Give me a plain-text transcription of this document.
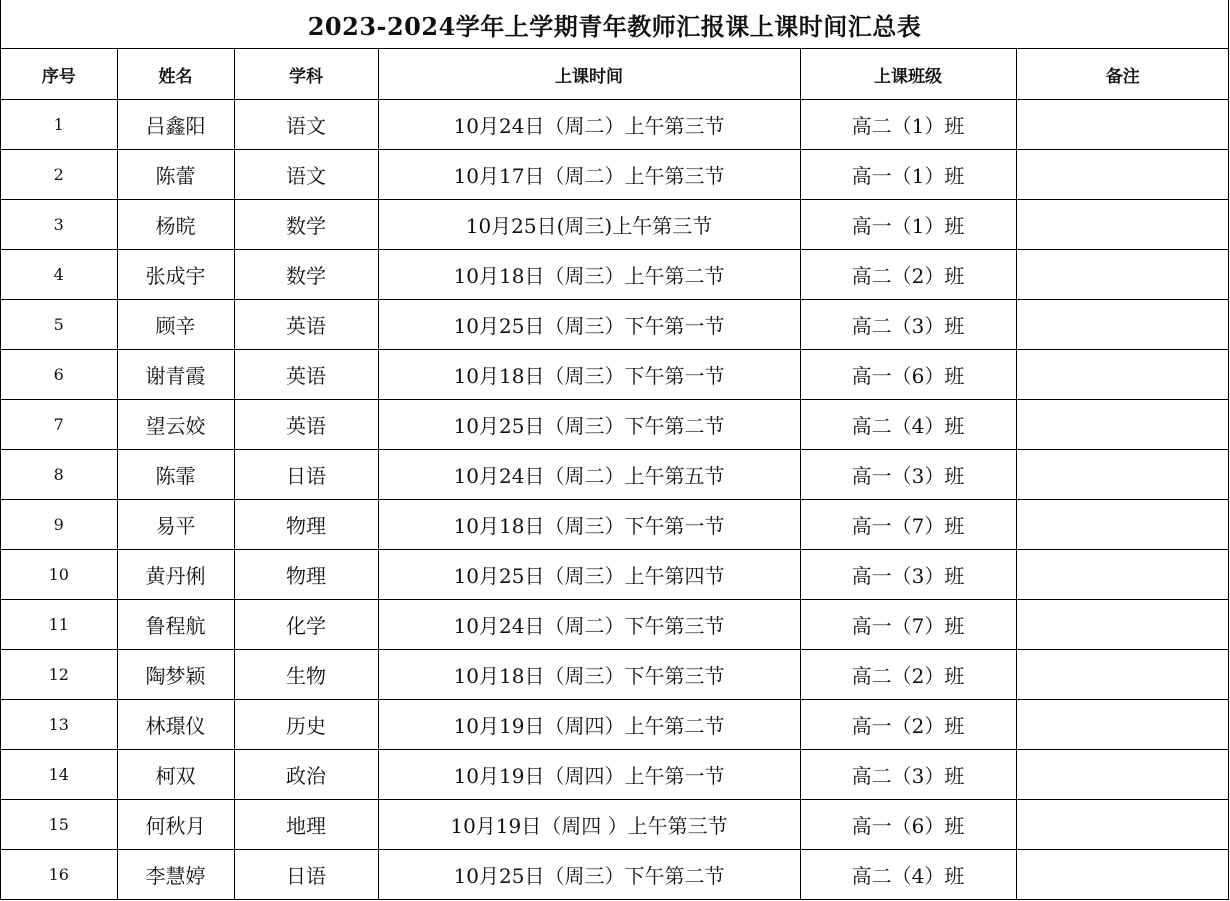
2023-2024学年上学期青年教师汇报课上课时间汇总表
序号	姓名	学科	上课时间	上课班级	备注
1	吕鑫阳	语文	10月24日（周二）上午第三节	高二（1）班	
2	陈蕾	语文	10月17日（周二）上午第三节	高一（1）班	
3	杨晥	数学	10月25日(周三)上午第三节	高一（1）班	
4	张成宇	数学	10月18日（周三）上午第二节	高二（2）班	
5	顾辛	英语	10月25日（周三）下午第一节	高二（3）班	
6	谢青霞	英语	10月18日（周三）下午第一节	高一（6）班	
7	望云姣	英语	10月25日（周三）下午第二节	高二（4）班	
8	陈霏	日语	10月24日（周二）上午第五节	高一（3）班	
9	易平	物理	10月18日（周三）下午第一节	高一（7）班	
10	黄丹俐	物理	10月25日（周三）上午第四节	高一（3）班	
11	鲁程航	化学	10月24日（周二）下午第三节	高一（7）班	
12	陶梦颖	生物	10月18日（周三）下午第三节	高二（2）班	
13	林璟仪	历史	10月19日（周四）上午第二节	高一（2）班	
14	柯双	政治	10月19日（周四）上午第一节	高二（3）班	
15	何秋月	地理	10月19日（周四 ）上午第三节	高一（6）班	
16	李慧婷	日语	10月25日（周三）下午第二节	高二（4）班	
